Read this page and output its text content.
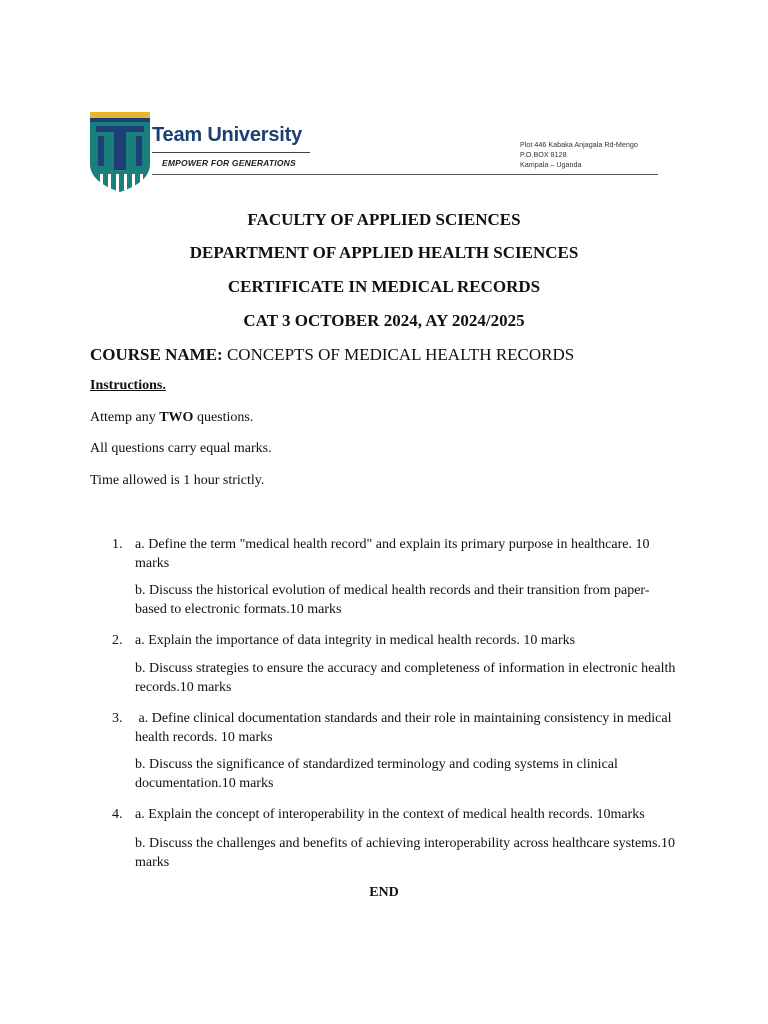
Team University
EMPOWER FOR GENERATIONS
Plot 446 Kabaka Anjagala Rd-Mengo
P.O.BOX 8128
Kampala – Uganda
FACULTY OF APPLIED SCIENCES
DEPARTMENT OF APPLIED HEALTH SCIENCES
CERTIFICATE IN MEDICAL RECORDS
CAT 3 OCTOBER 2024, AY 2024/2025
COURSE NAME: CONCEPTS OF MEDICAL HEALTH RECORDS
Instructions.
Attemp any TWO questions.
All questions carry equal marks.
Time allowed is 1 hour strictly.
1. a. Define the term "medical health record" and explain its primary purpose in healthcare. 10 marks
b. Discuss the historical evolution of medical health records and their transition from paper-based to electronic formats.10 marks
2. a. Explain the importance of data integrity in medical health records. 10 marks
b. Discuss strategies to ensure the accuracy and completeness of information in electronic health records.10 marks
3. a. Define clinical documentation standards and their role in maintaining consistency in medical health records. 10 marks
b. Discuss the significance of standardized terminology and coding systems in clinical documentation.10 marks
4. a. Explain the concept of interoperability in the context of medical health records. 10marks
b. Discuss the challenges and benefits of achieving interoperability across healthcare systems.10 marks
END
